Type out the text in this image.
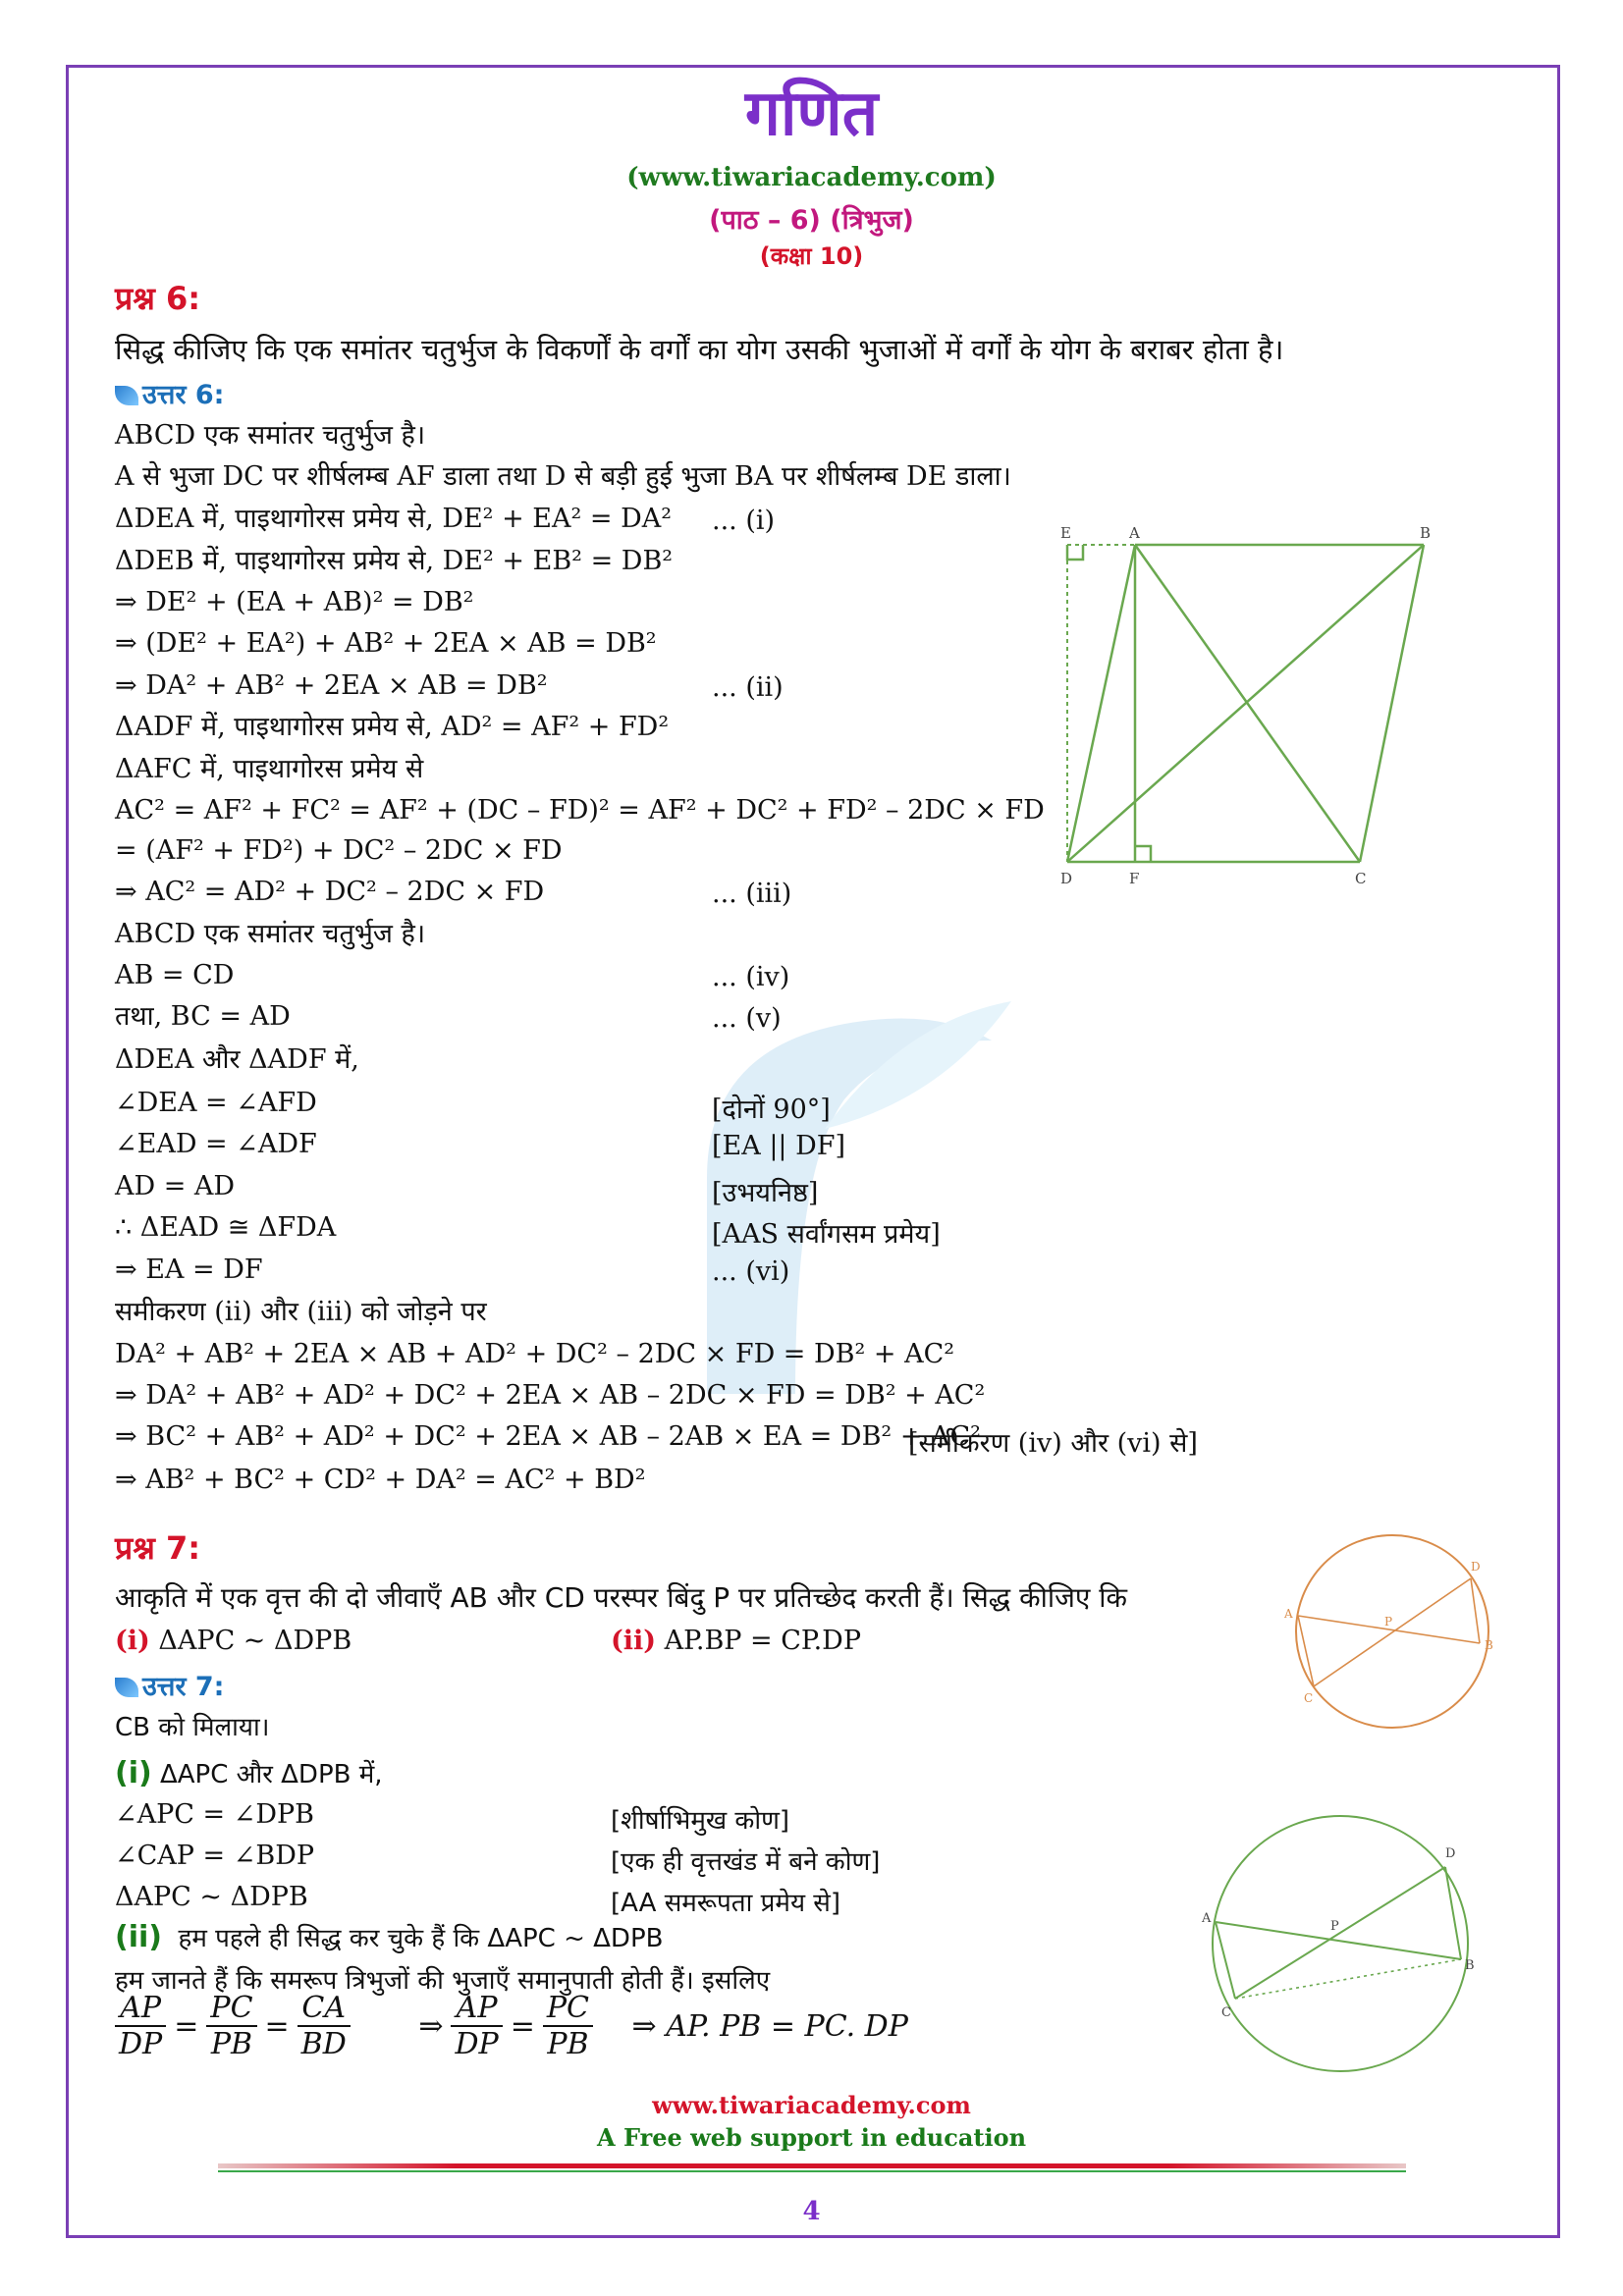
गणित
(www.tiwariacademy.com)
(पाठ – 6) (त्रिभुज)
(कक्षा 10)
प्रश्न 6:
सिद्ध कीजिए कि एक समांतर चतुर्भुज के विकर्णों के वर्गों का योग उसकी भुजाओं में वर्गों के योग के बराबर होता है।
उत्तर 6:
ABCD एक समांतर चतुर्भुज है।
A से भुजा DC पर शीर्षलम्ब AF डाला तथा D से बड़ी हुई भुजा BA पर शीर्षलम्ब DE डाला।
ΔDEA में, पाइथागोरस प्रमेय से, DE² + EA² = DA² ... (i)
ΔDEB में, पाइथागोरस प्रमेय से, DE² + EB² = DB²
⇒ DE² + (EA + AB)² = DB²
⇒ (DE² + EA²) + AB² + 2EA × AB = DB²
⇒ DA² + AB² + 2EA × AB = DB²	... (ii)
ΔADF में, पाइथागोरस प्रमेय से, AD² = AF² + FD²
ΔAFC में, पाइथागोरस प्रमेय से
AC² = AF² + FC² = AF² + (DC – FD)² = AF² + DC² + FD² – 2DC × FD
= (AF² + FD²) + DC² – 2DC × FD
⇒ AC² = AD² + DC² – 2DC × FD	... (iii)
ABCD एक समांतर चतुर्भुज है।
AB = CD	... (iv)
तथा, BC = AD	... (v)
ΔDEA और ΔADF में,
∠DEA = ∠AFD	[दोनों 90°]
∠EAD = ∠ADF	[EA || DF]
AD = AD	[उभयनिष्ठ]
∴ ΔEAD ≅ ΔFDA	[AAS सर्वांगसम प्रमेय]
⇒ EA = DF	... (vi)
समीकरण (ii) और (iii) को जोड़ने पर
DA² + AB² + 2EA × AB + AD² + DC² – 2DC × FD = DB² + AC²
⇒ DA² + AB² + AD² + DC² + 2EA × AB – 2DC × FD = DB² + AC²
⇒ BC² + AB² + AD² + DC² + 2EA × AB – 2AB × EA = DB² + AC²
[समीकरण (iv) और (vi) से]
⇒ AB² + BC² + CD² + DA² = AC² + BD²
E	A	B
D	F	C
प्रश्न 7:
आकृति में एक वृत्त की दो जीवाएँ AB और CD परस्पर बिंदु P पर प्रतिच्छेद करती हैं। सिद्ध कीजिए कि
(i) ΔAPC ~ ΔDPB	(ii) AP.BP = CP.DP
A
B
C
D
P
उत्तर 7:
CB को मिलाया।
(i) ΔAPC और ΔDPB में,
∠APC = ∠DPB	[शीर्षाभिमुख कोण]
∠CAP = ∠BDP	[एक ही वृत्तखंड में बने कोण]
ΔAPC ~ ΔDPB	[AA समरूपता प्रमेय से]
(ii) हम पहले ही सिद्ध कर चुके हैं कि ΔAPC ~ ΔDPB
हम जानते हैं कि समरूप त्रिभुजों की भुजाएँ समानुपाती होती हैं। इसलिए
$\frac{AP}{DP} = \frac{PC}{PB} = \frac{CA}{BD}$ ⇒ $\frac{AP}{DP} = \frac{PC}{PB}$ ⇒ AP. PB = PC. DP
A
B
C
D
P
www.tiwariacademy.com
A Free web support in education
4
